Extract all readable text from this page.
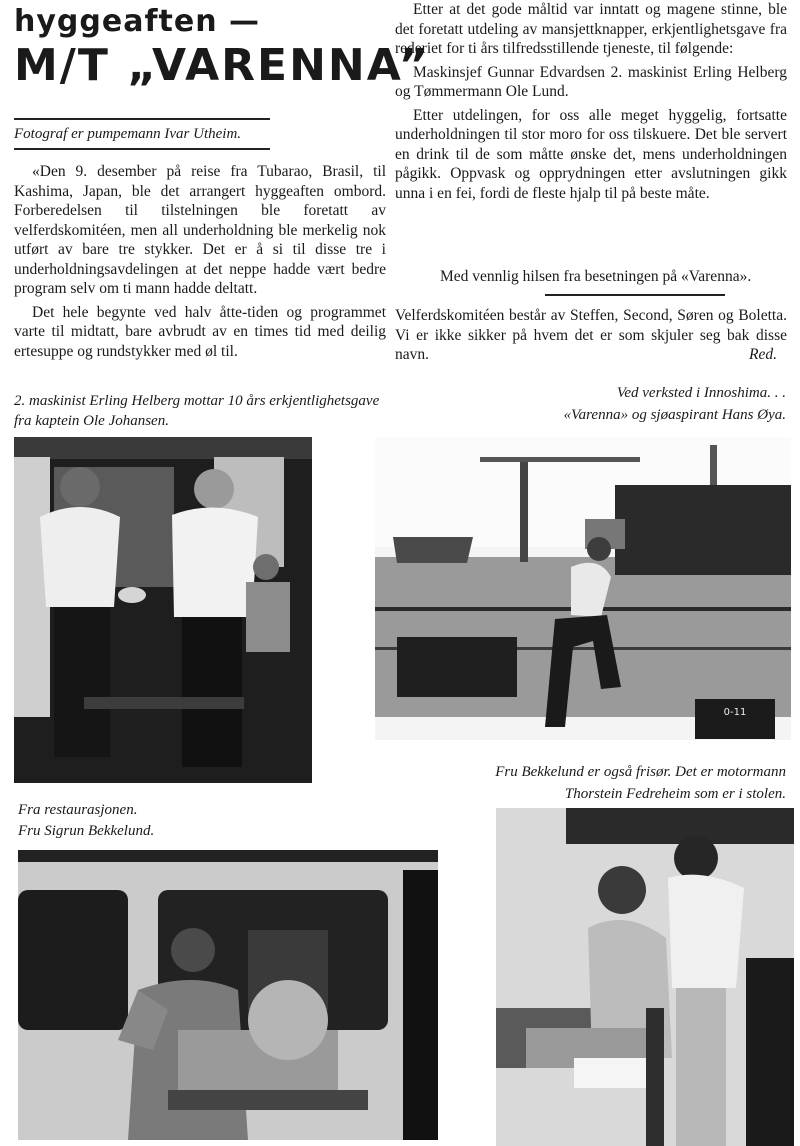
hyggeaften —
M/T „VARENNA”
Fotograf er pumpemann Ivar Utheim.

«Den 9. desember på reise fra Tubarao, Brasil, til Kashima, Japan, ble det arrangert hyggeaften ombord. Forberedelsen til tilstelningen ble foretatt av velferdskomitéen, men all underholdning ble merkelig nok utført av bare tre stykker. Det er å si til disse tre i underholdningsavdelingen at det neppe hadde vært bedre program selv om ti mann hadde deltatt.

Det hele begynte ved halv åtte-tiden og programmet varte til midtatt, bare avbrudt av en times tid med deilig ertesuppe og rundstykker med øl til.

Etter at det gode måltid var inntatt og magene stinne, ble det foretatt utdeling av mansjettknapper, erkjentlighetsgave fra rederiet for ti års tilfredsstillende tjeneste, til følgende:

Maskinsjef Gunnar Edvardsen 2. maskinist Erling Helberg og Tømmermann Ole Lund.

Etter utdelingen, for oss alle meget hyggelig, fortsatte underholdningen til stor moro for oss tilskuere. Det ble servert en drink til de som måtte ønske det, mens underholdningen pågikk. Oppvask og opprydningen etter avslutningen gikk unna i en fei, fordi de fleste hjalp til på beste måte.

Med vennlig hilsen fra besetningen på «Varenna».
Velferdskomitéen består av Steffen, Second, Søren og Boletta. Vi er ikke sikker på hvem det er som skjuler seg bak disse navn.	Red.
2. maskinist Erling Helberg mottar 10 års erkjentlighetsgave fra kaptein Ole Johansen.
Ved verksted i Innoshima. . .
«Varenna» og sjøaspirant Hans Øya.
Fru Bekkelund er også frisør. Det er motormann
Thorstein Fedreheim som er i stolen.
Fra restaurasjonen.
Fru Sigrun Bekkelund.
0-11
